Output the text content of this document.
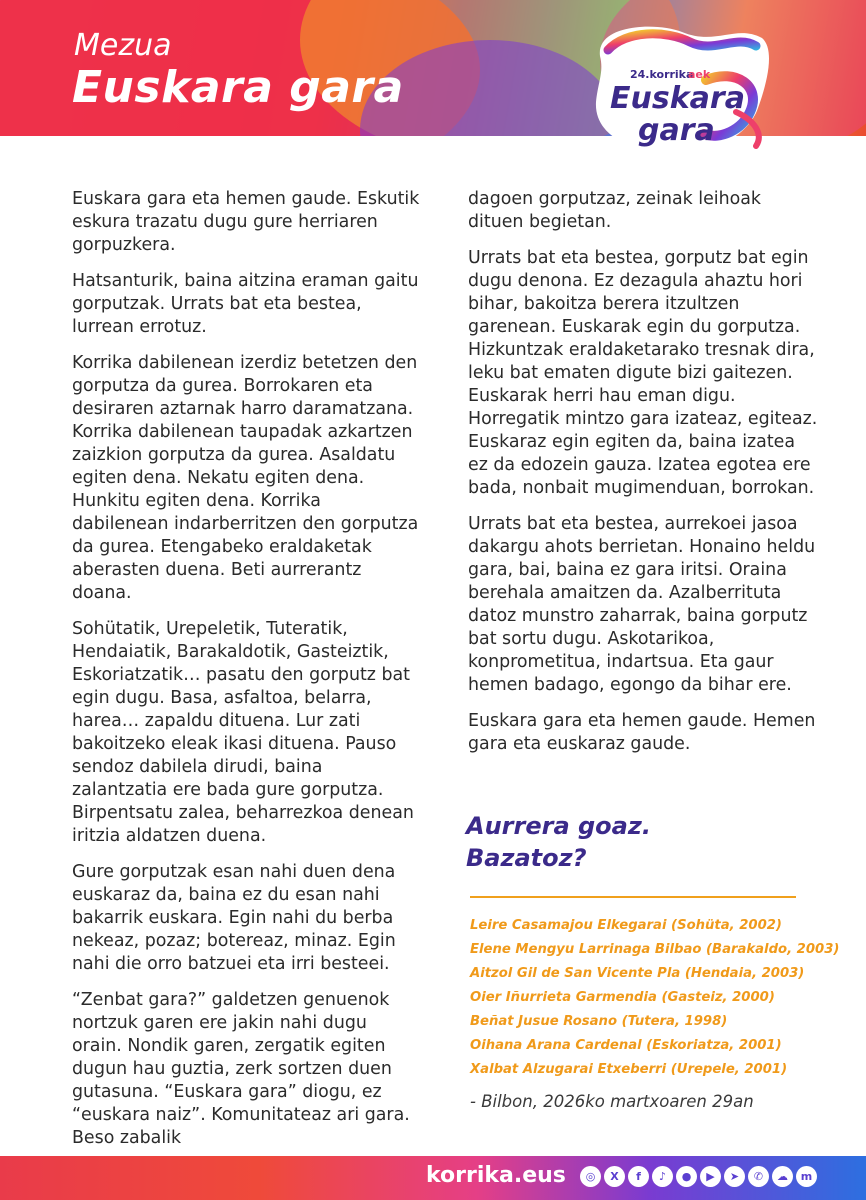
Mezua
Euskara gara	24.korrika
aek
Euskara
gara

Euskara gara eta hemen gaude. Eskutik eskura trazatu dugu gure herriaren gorpuzkera.

Hatsanturik, baina aitzina eraman gaitu gorputzak. Urrats bat eta bestea, lurrean errotuz.

Korrika dabilenean izerdiz betetzen den gorputza da gurea. Borrokaren eta desiraren aztarnak harro daramatzana. Korrika dabilenean taupadak azkartzen zaizkion gorputza da gurea. Asaldatu egiten dena. Nekatu egiten dena. Hunkitu egiten dena. Korrika dabilenean indarberritzen den gorputza da gurea. Etengabeko eraldaketak aberasten duena. Beti aurrerantz doana.

Sohütatik, Urepeletik, Tuteratik, Hendaiatik, Barakaldotik, Gasteiztik, Eskoriatzatik… pasatu den gorputz bat egin dugu. Basa, asfaltoa, belarra, harea… zapaldu dituena. Lur zati bakoitzeko eleak ikasi dituena. Pauso sendoz dabilela dirudi, baina zalantzatia ere bada gure gorputza. Birpentsatu zalea, beharrezkoa denean iritzia aldatzen duena.

Gure gorputzak esan nahi duen dena euskaraz da, baina ez du esan nahi bakarrik euskara. Egin nahi du berba nekeaz, pozaz; botereaz, minaz. Egin nahi die orro batzuei eta irri besteei.

“Zenbat gara?” galdetzen genuenok nortzuk garen ere jakin nahi dugu orain. Nondik garen, zergatik egiten dugun hau guztia, zerk sortzen duen gutasuna. “Euskara gara” diogu, ez “euskara naiz”. Komunitateaz ari gara. Beso zabalik

dagoen gorputzaz, zeinak leihoak dituen begietan.

Urrats bat eta bestea, gorputz bat egin dugu denona. Ez dezagula ahaztu hori bihar, bakoitza berera itzultzen garenean. Euskarak egin du gorputza. Hizkuntzak eraldaketarako tresnak dira, leku bat ematen digute bizi gaitezen. Euskarak herri hau eman digu. Horregatik mintzo gara izateaz, egiteaz. Euskaraz egin egiten da, baina izatea ez da edozein gauza. Izatea egotea ere bada, nonbait mugimenduan, borrokan.

Urrats bat eta bestea, aurrekoei jasoa dakargu ahots berrietan. Honaino heldu gara, bai, baina ez gara iritsi. Oraina berehala amaitzen da. Azalberrituta datoz munstro zaharrak, baina gorputz bat sortu dugu. Askotarikoa, konprometitua, indartsua. Eta gaur hemen badago, egongo da bihar ere.

Euskara gara eta hemen gaude. Hemen gara eta euskaraz gaude.

Aurrera goaz.
Bazatoz?
Leire Casamajou Elkegarai (Sohüta, 2002)
Elene Mengyu Larrinaga Bilbao (Barakaldo, 2003)
Aitzol Gil de San Vicente Pla (Hendaia, 2003)
Oier Iñurrieta Garmendia (Gasteiz, 2000)
Beñat Jusue Rosano (Tutera, 1998)
Oihana Arana Cardenal (Eskoriatza, 2001)
Xalbat Alzugarai Etxeberri (Urepele, 2001)
- Bilbon, 2026ko martxoaren 29an
korrika.eus	◎	X	f	♪	●	▶	➤	✆	☁	m
